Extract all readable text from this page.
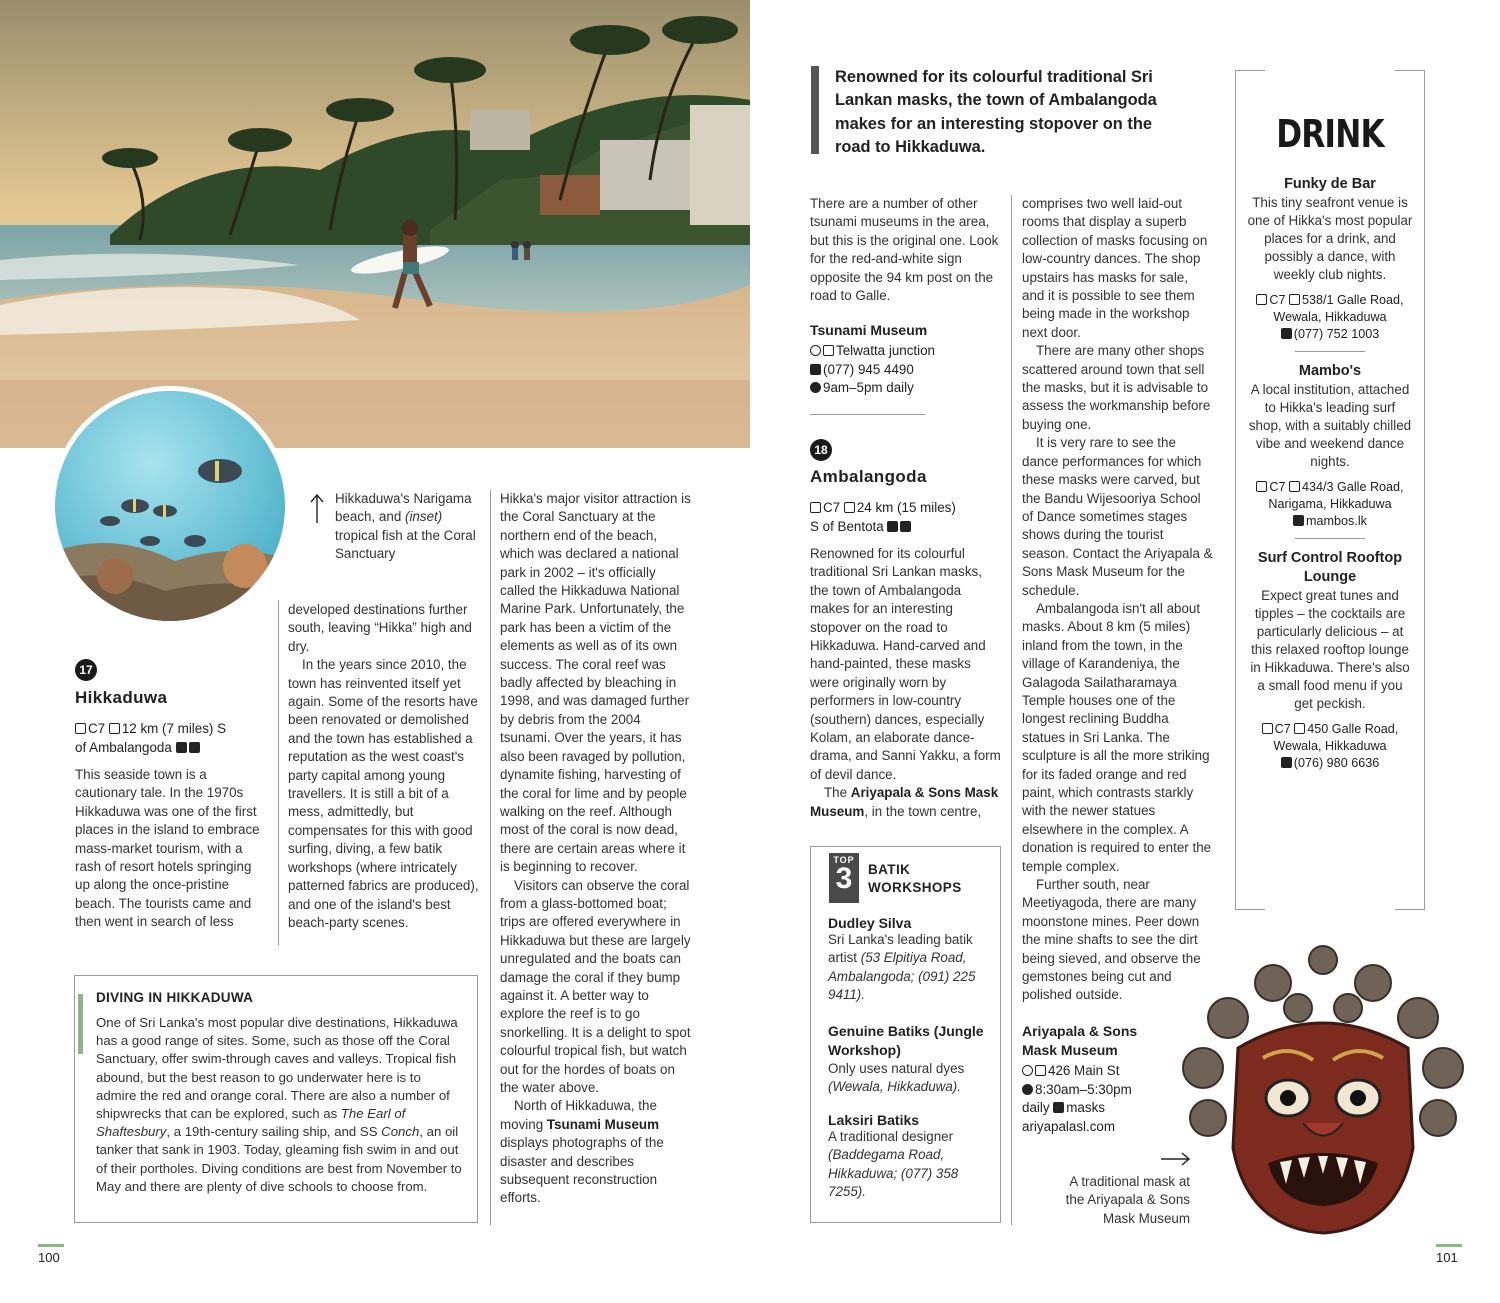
Hikkaduwa's Narigama beach, and (inset) tropical fish at the Coral Sanctuary
17
Hikkaduwa
C7 12 km (7 miles) S
of Ambalangoda

This seaside town is a cautionary tale. In the 1970s Hikkaduwa was one of the first places in the island to embrace mass-market tourism, with a rash of resort hotels springing up along the once-pristine beach. The tourists came and then went in search of less

developed destinations further south, leaving “Hikka” high and dry.

In the years since 2010, the town has reinvented itself yet again. Some of the resorts have been renovated or demolished and the town has established a reputation as the west coast's party capital among young travellers. It is still a bit of a mess, admittedly, but compensates for this with good surfing, diving, a few batik workshops (where intricately patterned fabrics are produced), and one of the island's best beach-party scenes.

Hikka's major visitor attraction is the Coral Sanctuary at the northern end of the beach, which was declared a national park in 2002 – it's officially called the Hikkaduwa National Marine Park. Unfortunately, the park has been a victim of the elements as well as of its own success. The coral reef was badly affected by bleaching in 1998, and was damaged further by debris from the 2004 tsunami. Over the years, it has also been ravaged by pollution, dynamite fishing, harvesting of the coral for lime and by people walking on the reef. Although most of the coral is now dead, there are certain areas where it is beginning to recover.

Visitors can observe the coral from a glass-bottomed boat; trips are offered everywhere in Hikkaduwa but these are largely unregulated and the boats can damage the coral if they bump against it. A better way to explore the reef is to go snorkelling. It is a delight to spot colourful tropical fish, but watch out for the hordes of boats on the water above.

North of Hikkaduwa, the moving Tsunami Museum displays photographs of the disaster and describes subsequent reconstruction efforts.

DIVING IN HIKKADUWA
One of Sri Lanka's most popular dive destinations, Hikkaduwa has a good range of sites. Some, such as those off the Coral Sanctuary, offer swim-through caves and valleys. Tropical fish abound, but the best reason to go underwater here is to admire the red and orange coral. There are also a number of shipwrecks that can be explored, such as The Earl of Shaftesbury, a 19th-century sailing ship, and SS Conch, an oil tanker that sank in 1903. Today, gleaming fish swim in and out of their portholes. Diving conditions are best from November to May and there are plenty of dive schools to choose from.
100
Renowned for its colourful traditional Sri Lankan masks, the town of Ambalangoda makes for an interesting stopover on the road to Hikkaduwa.

There are a number of other tsunami museums in the area, but this is the original one. Look for the red-and-white sign opposite the 94 km post on the road to Galle.

Tsunami Museum
Telwatta junction
(077) 945 4490
9am–5pm daily
18
Ambalangoda
C7 24 km (15 miles)
S of Bentota

Renowned for its colourful traditional Sri Lankan masks, the town of Ambalangoda makes for an interesting stopover on the road to Hikkaduwa. Hand-carved and hand-painted, these masks were originally worn by performers in low-country (southern) dances, especially Kolam, an elaborate dance-drama, and Sanni Yakku, a form of devil dance.

The Ariyapala & Sons Mask Museum, in the town centre,

TOP
3	BATIK
WORKSHOPS
Dudley Silva
Sri Lanka's leading batik artist (53 Elpitiya Road, Ambalangoda; (091) 225 9411).
Genuine Batiks (Jungle Workshop)
Only uses natural dyes (Wewala, Hikkaduwa).
Laksiri Batiks
A traditional designer (Baddegama Road, Hikkaduwa; (077) 358 7255).

comprises two well laid-out rooms that display a superb collection of masks focusing on low-country dances. The shop upstairs has masks for sale, and it is possible to see them being made in the workshop next door.

There are many other shops scattered around town that sell the masks, but it is advisable to assess the workmanship before buying one.

It is very rare to see the dance performances for which these masks were carved, but the Bandu Wijesooriya School of Dance sometimes stages shows during the tourist season. Contact the Ariyapala & Sons Mask Museum for the schedule.

Ambalangoda isn't all about masks. About 8 km (5 miles) inland from the town, in the village of Karandeniya, the Galagoda Sailatharamaya Temple houses one of the longest reclining Buddha statues in Sri Lanka. The sculpture is all the more striking for its faded orange and red paint, which contrasts starkly with the newer statues elsewhere in the complex. A donation is required to enter the temple complex.

Further south, near Meetiyagoda, there are many moonstone mines. Peer down the mine shafts to see the dirt being sieved, and observe the gemstones being cut and polished outside.

Ariyapala & Sons Mask Museum
426 Main St
8:30am–5:30pm daily masks
ariyapalasl.com
A traditional mask at the Ariyapala & Sons Mask Museum
DRINK
Funky de Bar
This tiny seafront venue is one of Hikka's most popular places for a drink, and possibly a dance, with weekly club nights.
C7 538/1 Galle Road, Wewala, Hikkaduwa
(077) 752 1003
Mambo's
A local institution, attached to Hikka's leading surf shop, with a suitably chilled vibe and weekend dance nights.
C7 434/3 Galle Road, Narigama, Hikkaduwa
mambos.lk
Surf Control Rooftop Lounge
Expect great tunes and tipples – the cocktails are particularly delicious – at this relaxed rooftop lounge in Hikkaduwa. There's also a small food menu if you get peckish.
C7 450 Galle Road, Wewala, Hikkaduwa
(076) 980 6636
101
